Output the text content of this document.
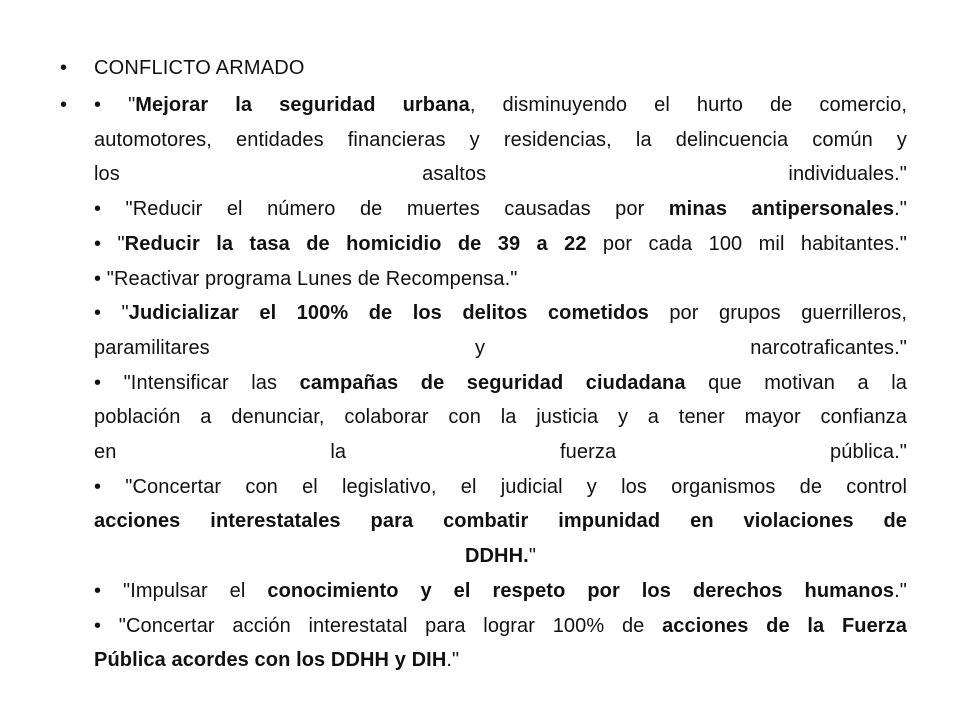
•	CONFLICTO ARMADO
•	• "Mejorar la seguridad urbana, disminuyendo el hurto de comercio,
automotores, entidades financieras y residencias, la delincuencia común y
los asaltos individuales."
• "Reducir el número de muertes causadas por minas antipersonales."
• "Reducir la tasa de homicidio de 39 a 22 por cada 100 mil habitantes."
• "Reactivar programa Lunes de Recompensa."
• "Judicializar el 100% de los delitos cometidos por grupos guerrilleros,
paramilitares y narcotraficantes."
• "Intensificar las campañas de seguridad ciudadana que motivan a la
población a denunciar, colaborar con la justicia y a tener mayor confianza
en la fuerza pública."
• "Concertar con el legislativo, el judicial y los organismos de control
acciones interestatales para combatir impunidad en violaciones de
DDHH."
• "Impulsar el conocimiento y el respeto por los derechos humanos."
• "Concertar acción interestatal para lograr 100% de acciones de la Fuerza
Pública acordes con los DDHH y DIH."
